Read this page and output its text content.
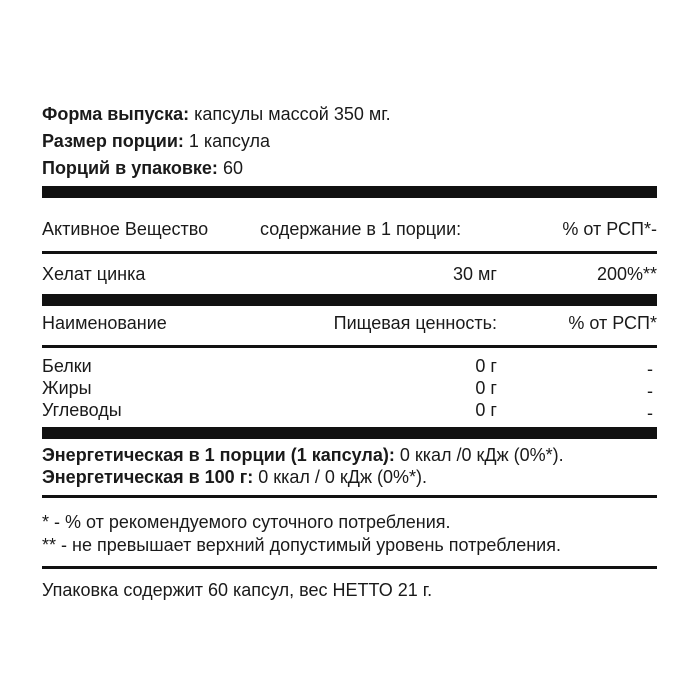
Форма выпуска: капсулы массой 350 мг.
Размер порции: 1 капсула
Порций в упаковке: 60
Активное Вещество	содержание в 1 порции:	% от РСП*-
Хелат цинка	30 мг	200%**
Наименование	Пищевая ценность:	% от РСП*
Белки	0 г	-
Жиры	0 г	-
Углеводы	0 г	-
Энергетическая в 1 порции (1 капсула): 0 ккал /0 кДж (0%*).
Энергетическая в 100 г: 0 ккал / 0 кДж (0%*).
* - % от рекомендуемого суточного потребления.
** - не превышает верхний допустимый уровень потребления.
Упаковка содержит 60 капсул, вес НЕТТО 21 г.
